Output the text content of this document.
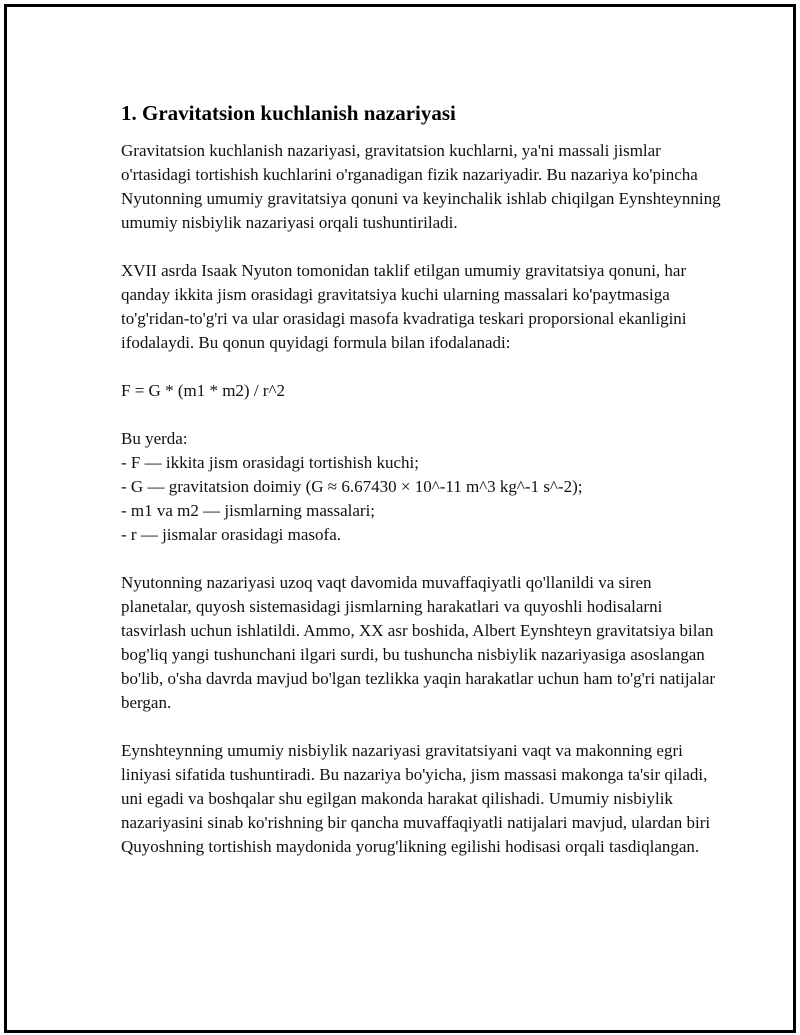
1. Gravitatsion kuchlanish nazariyasi

Gravitatsion kuchlanish nazariyasi, gravitatsion kuchlarni, ya'ni massali jismlar o'rtasidagi tortishish kuchlarini o'rganadigan fizik nazariyadir. Bu nazariya ko'pincha Nyutonning umumiy gravitatsiya qonuni va keyinchalik ishlab chiqilgan Eynshteynning umumiy nisbiylik nazariyasi orqali tushuntiriladi.

XVII asrda Isaak Nyuton tomonidan taklif etilgan umumiy gravitatsiya qonuni, har qanday ikkita jism orasidagi gravitatsiya kuchi ularning massalari ko'paytmasiga to'g'ridan-to'g'ri va ular orasidagi masofa kvadratiga teskari proporsional ekanligini ifodalaydi. Bu qonun quyidagi formula bilan ifodalanadi:

F = G * (m1 * m2) / r^2

Bu yerda:
- F — ikkita jism orasidagi tortishish kuchi;
- G — gravitatsion doimiy (G ≈ 6.67430 × 10^-11 m^3 kg^-1 s^-2);
- m1 va m2 — jismlarning massalari;
- r — jismalar orasidagi masofa.

Nyutonning nazariyasi uzoq vaqt davomida muvaffaqiyatli qo'llanildi va siren planetalar, quyosh sistemasidagi jismlarning harakatlari va quyoshli hodisalarni tasvirlash uchun ishlatildi. Ammo, XX asr boshida, Albert Eynshteyn gravitatsiya bilan bog'liq yangi tushunchani ilgari surdi, bu tushuncha nisbiylik nazariyasiga asoslangan bo'lib, o'sha davrda mavjud bo'lgan tezlikka yaqin harakatlar uchun ham to'g'ri natijalar bergan.

Eynshteynning umumiy nisbiylik nazariyasi gravitatsiyani vaqt va makonning egri liniyasi sifatida tushuntiradi. Bu nazariya bo'yicha, jism massasi makonga ta'sir qiladi, uni egadi va boshqalar shu egilgan makonda harakat qilishadi. Umumiy nisbiylik nazariyasini sinab ko'rishning bir qancha muvaffaqiyatli natijalari mavjud, ulardan biri Quyoshning tortishish maydonida yorug'likning egilishi hodisasi orqali tasdiqlangan.
